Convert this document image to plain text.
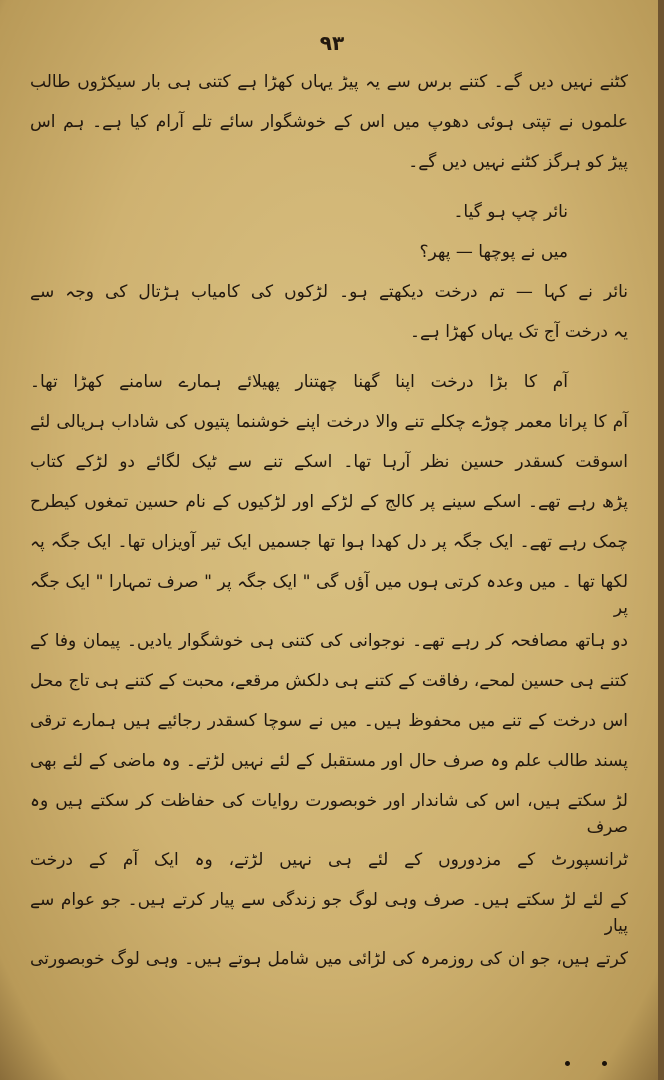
۹۳
کٹنے نہیں دیں گے۔ کتنے برس سے یہ پیڑ یہاں کھڑا ہے کتنی ہی بار سیکڑوں طالب
علموں نے تپتی ہوئی دھوپ میں اس کے خوشگوار سائے تلے آرام کیا ہے۔ ہم اس
پیڑ کو ہرگز کٹنے نہیں دیں گے۔
نائر چپ ہو گیا۔
میں نے پوچھا — پھر؟
نائر نے کہا — تم درخت دیکھتے ہو۔ لڑکوں کی کامیاب ہڑتال کی وجہ سے
یہ درخت آج تک یہاں کھڑا ہے۔
آم کا بڑا درخت اپنا گھنا چھتنار پھیلائے ہمارے سامنے کھڑا تھا۔
آم کا پرانا معمر چوڑے چکلے تنے والا درخت اپنے خوشنما پتیوں کی شاداب ہریالی لئے
اسوقت کسقدر حسین نظر آرہا تھا۔ اسکے تنے سے ٹیک لگائے دو لڑکے کتاب
پڑھ رہے تھے۔ اسکے سینے پر کالج کے لڑکے اور لڑکیوں کے نام حسین تمغوں کیطرح
چمک رہے تھے۔ ایک جگہ پر دل کھدا ہوا تھا جسمیں ایک تیر آویزاں تھا۔ ایک جگہ پہ
لکھا تھا ۔ میں وعدہ کرتی ہوں میں آؤں گی " ایک جگہ پر " صرف تمہارا " ایک جگہ پر
دو ہاتھ مصافحہ کر رہے تھے۔ نوجوانی کی کتنی ہی خوشگوار یادیں۔ پیمان وفا کے
کتنے ہی حسین لمحے، رفاقت کے کتنے ہی دلکش مرقعے، محبت کے کتنے ہی تاج محل
اس درخت کے تنے میں محفوظ ہیں۔ میں نے سوچا کسقدر رجائیے ہیں ہمارے ترقی
پسند طالب علم وہ صرف حال اور مستقبل کے لئے نہیں لڑتے۔ وہ ماضی کے لئے بھی
لڑ سکتے ہیں، اس کی شاندار اور خوبصورت روایات کی حفاظت کر سکتے ہیں وہ صرف
ٹرانسپورٹ کے مزدوروں کے لئے ہی نہیں لڑتے، وہ ایک آم کے درخت
کے لئے لڑ سکتے ہیں۔ صرف وہی لوگ جو زندگی سے پیار کرتے ہیں۔ جو عوام سے پیار
کرتے ہیں، جو ان کی روزمرہ کی لڑائی میں شامل ہوتے ہیں۔ وہی لوگ خوبصورتی
